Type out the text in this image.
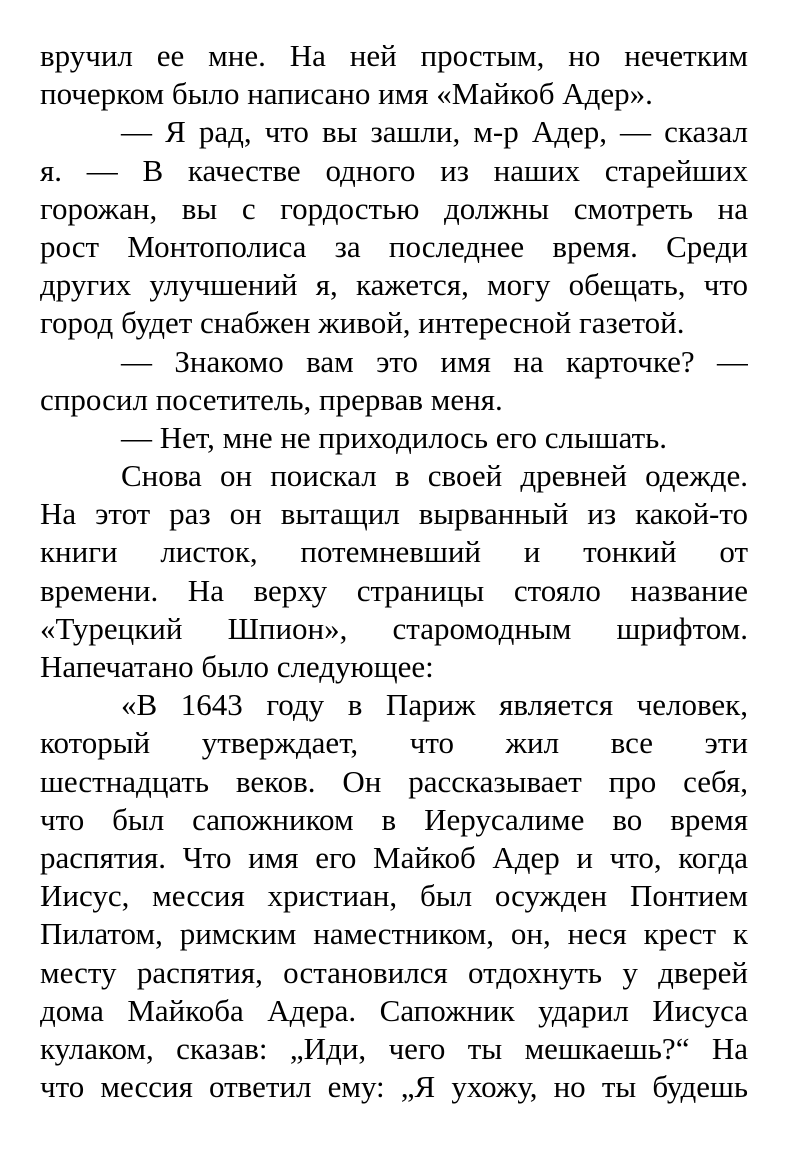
вручил ее мне. На ней простым, но нечетким
почерком было написано имя «Майкоб Адер».
— Я рад, что вы зашли, м-р Адер, — сказал
я. — В качестве одного из наших старейших
горожан, вы с гордостью должны смотреть на
рост Монтополиса за последнее время. Среди
других улучшений я, кажется, могу обещать, что
город будет снабжен живой, интересной газетой.
— Знакомо вам это имя на карточке? —
спросил посетитель, прервав меня.
— Нет, мне не приходилось его слышать.
Снова он поискал в своей древней одежде.
На этот раз он вытащил вырванный из какой-то
книги листок, потемневший и тонкий от
времени. На верху страницы стояло название
«Турецкий Шпион», старомодным шрифтом.
Напечатано было следующее:
«В 1643 году в Париж является человек,
который утверждает, что жил все эти
шестнадцать веков. Он рассказывает про себя,
что был сапожником в Иерусалиме во время
распятия. Что имя его Майкоб Адер и что, когда
Иисус, мессия христиан, был осужден Понтием
Пилатом, римским наместником, он, неся крест к
месту распятия, остановился отдохнуть у дверей
дома Майкоба Адера. Сапожник ударил Иисуса
кулаком, сказав: „Иди, чего ты мешкаешь?“ На
что мессия ответил ему: „Я ухожу, но ты будешь
